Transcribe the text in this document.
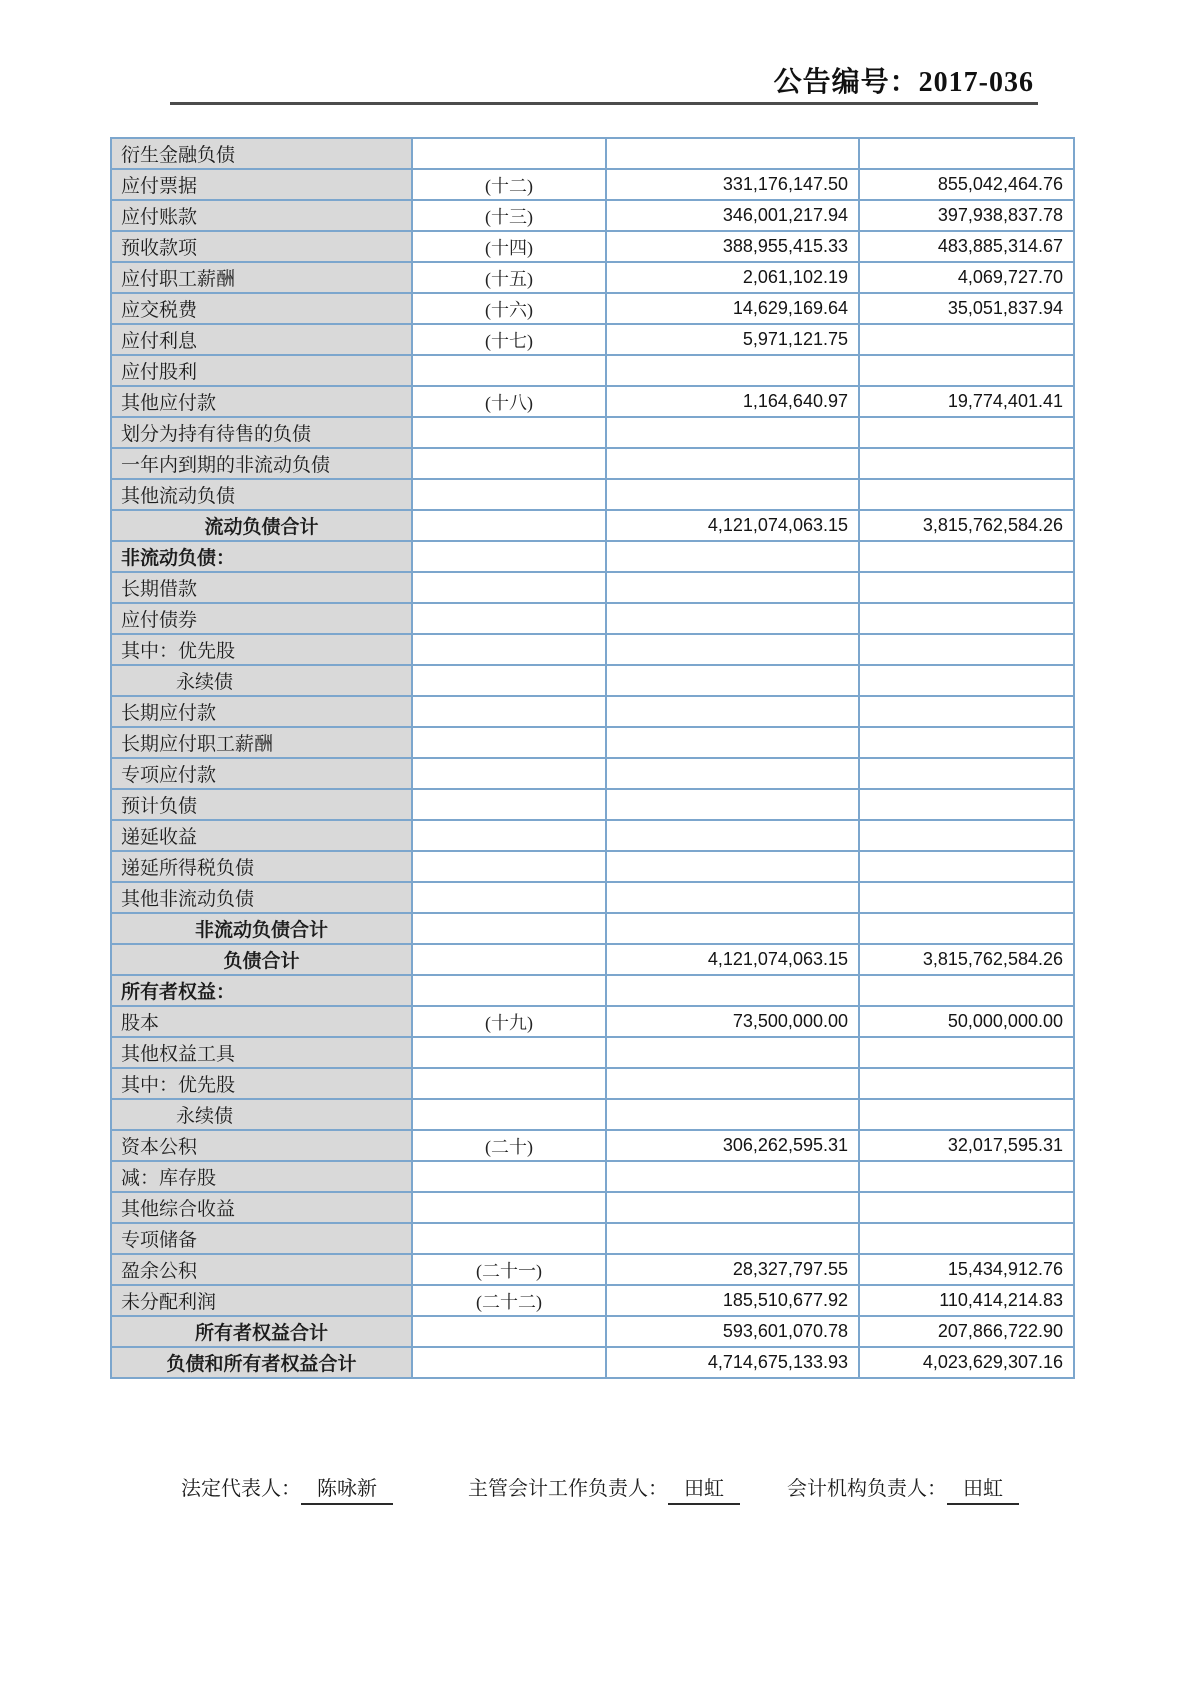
公告编号：2017-036
衍生金融负债			
应付票据	(十二)	331,176,147.50	855,042,464.76
应付账款	(十三)	346,001,217.94	397,938,837.78
预收款项	(十四)	388,955,415.33	483,885,314.67
应付职工薪酬	(十五)	2,061,102.19	4,069,727.70
应交税费	(十六)	14,629,169.64	35,051,837.94
应付利息	(十七)	5,971,121.75	
应付股利			
其他应付款	(十八)	1,164,640.97	19,774,401.41
划分为持有待售的负债			
一年内到期的非流动负债			
其他流动负债			
流动负债合计		4,121,074,063.15	3,815,762,584.26
非流动负债：			
长期借款			
应付债券			
其中：优先股			
永续债			
长期应付款			
长期应付职工薪酬			
专项应付款			
预计负债			
递延收益			
递延所得税负债			
其他非流动负债			
非流动负债合计			
负债合计		4,121,074,063.15	3,815,762,584.26
所有者权益：			
股本	(十九)	73,500,000.00	50,000,000.00
其他权益工具			
其中：优先股			
永续债			
资本公积	(二十)	306,262,595.31	32,017,595.31
减：库存股			
其他综合收益			
专项储备			
盈余公积	(二十一)	28,327,797.55	15,434,912.76
未分配利润	(二十二)	185,510,677.92	110,414,214.83
所有者权益合计		593,601,070.78	207,866,722.90
负债和所有者权益合计		4,714,675,133.93	4,023,629,307.16
法定代表人： 陈咏新	主管会计工作负责人： 田虹	会计机构负责人： 田虹
